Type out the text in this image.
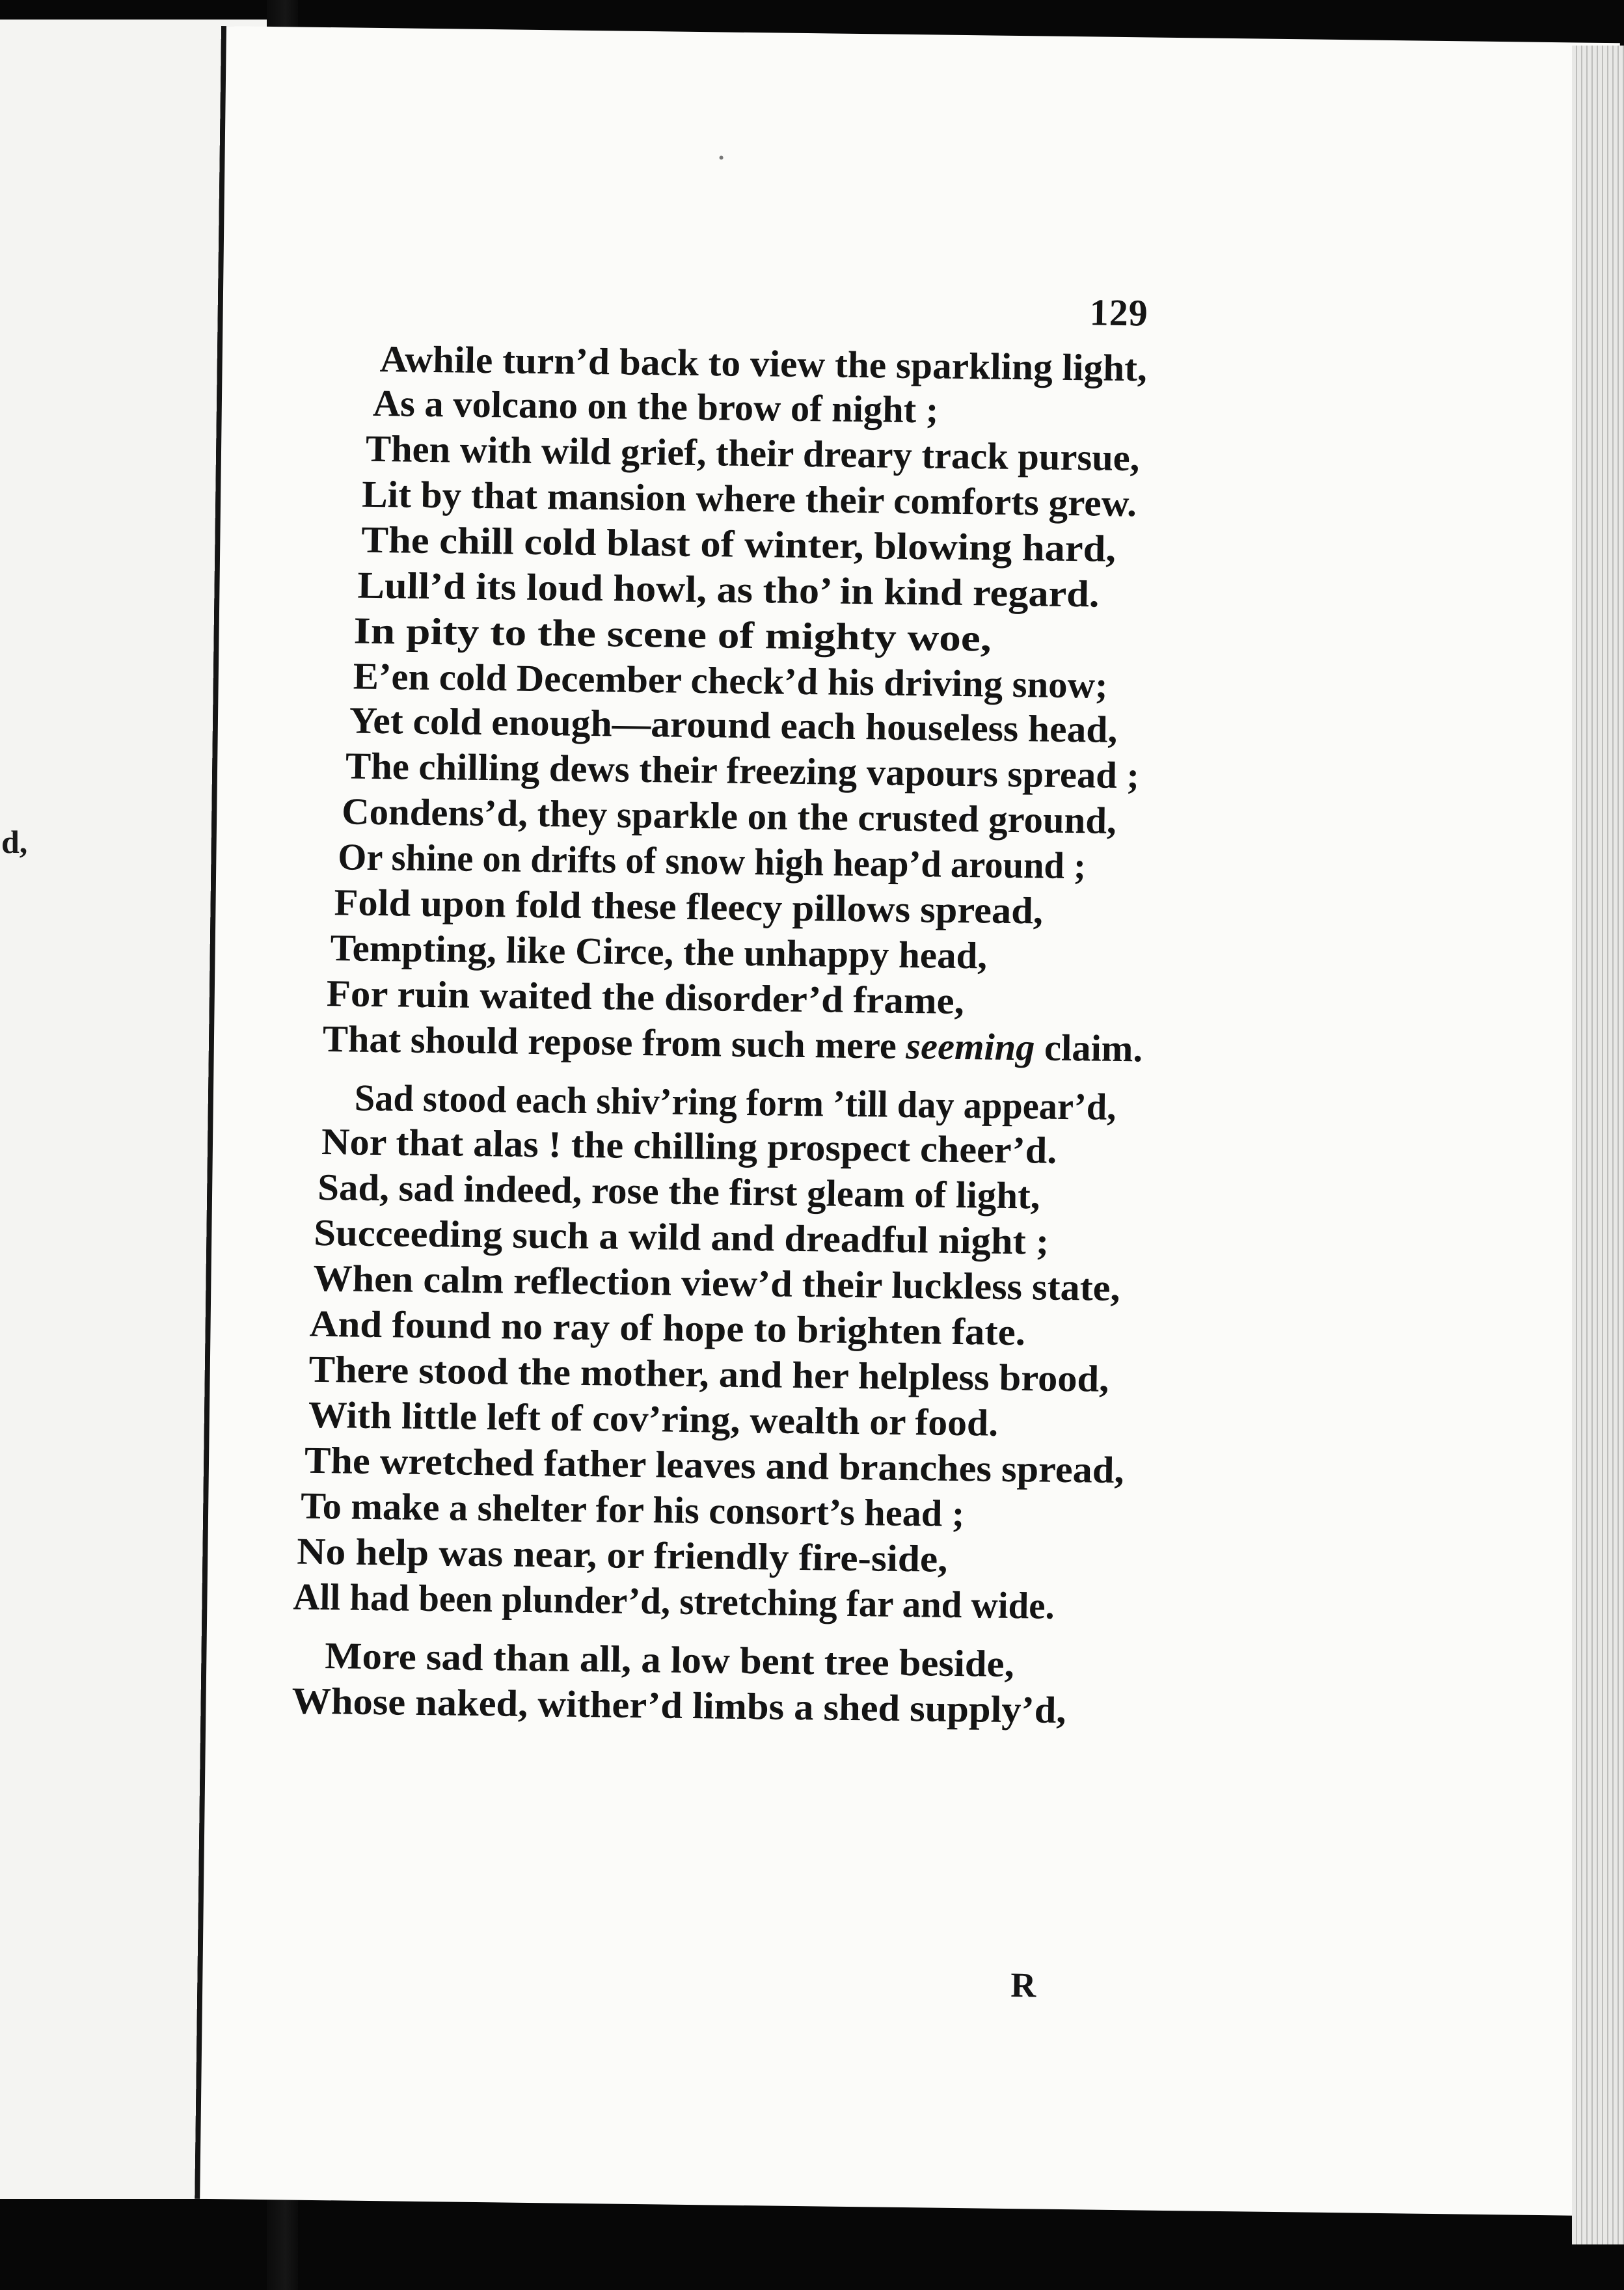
d,
129
Awhile turn’d back to view the sparkling light,
As a volcano on the brow of night ;
Then with wild grief, their dreary track pursue,
Lit by that mansion where their comforts grew.
The chill cold blast of winter, blowing hard,
Lull’d its loud howl, as tho’ in kind regard.
In pity to the scene of mighty woe,
E’en cold December check’d his driving snow;
Yet cold enough—around each houseless head,
The chilling dews their freezing vapours spread ;
Condens’d, they sparkle on the crusted ground,
Or shine on drifts of snow high heap’d around ;
Fold upon fold these fleecy pillows spread,
Tempting, like Circe, the unhappy head,
For ruin waited the disorder’d frame,
That should repose from such mere seeming claim.
Sad stood each shiv’ring form ’till day appear’d,
Nor that alas ! the chilling prospect cheer’d.
Sad, sad indeed, rose the first gleam of light,
Succeeding such a wild and dreadful night ;
When calm reflection view’d their luckless state,
And found no ray of hope to brighten fate.
There stood the mother, and her helpless brood,
With little left of cov’ring, wealth or food.
The wretched father leaves and branches spread,
To make a shelter for his consort’s head ;
No help was near, or friendly fire-side,
All had been plunder’d, stretching far and wide.
More sad than all, a low bent tree beside,
Whose naked, wither’d limbs a shed supply’d,
R
